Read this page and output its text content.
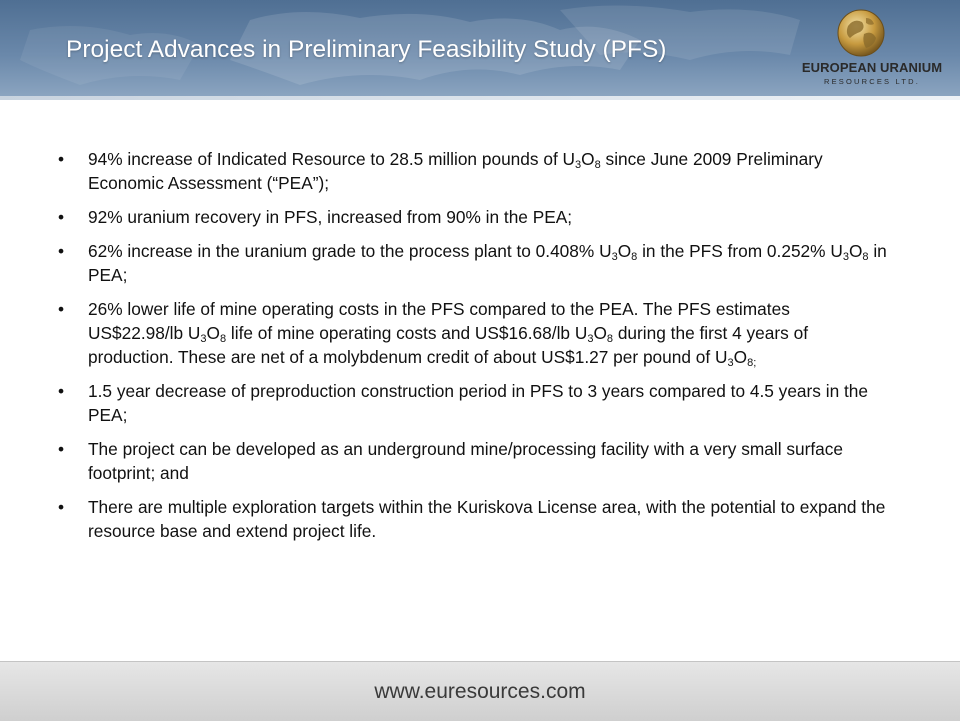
Project Advances in Preliminary Feasibility Study (PFS)
EUROPEAN URANIUM
RESOURCES LTD.
• 94% increase of Indicated Resource to 28.5 million pounds of $U_3O_8$ since June 2009 Preliminary Economic Assessment (“PEA”);
• 92% uranium recovery in PFS, increased from 90% in the PEA;
• 62% increase in the uranium grade to the process plant to 0.408% $U_3O_8$ in the PFS from 0.252% $U_3O_8$ in PEA;
• 26% lower life of mine operating costs in the PFS compared to the PEA. The PFS estimates US$22.98/lb $U_3O_8$ life of mine operating costs and US$16.68/lb $U_3O_8$ during the first 4 years of production. These are net of a molybdenum credit of about US$1.27 per pound of $U_3O_{8;}$
• 1.5 year decrease of preproduction construction period in PFS to 3 years compared to 4.5 years in the PEA;
• The project can be developed as an underground mine/processing facility with a very small surface footprint; and
• There are multiple exploration targets within the Kuriskova License area, with the potential to expand the resource base and extend project life.
www.euresources.com
